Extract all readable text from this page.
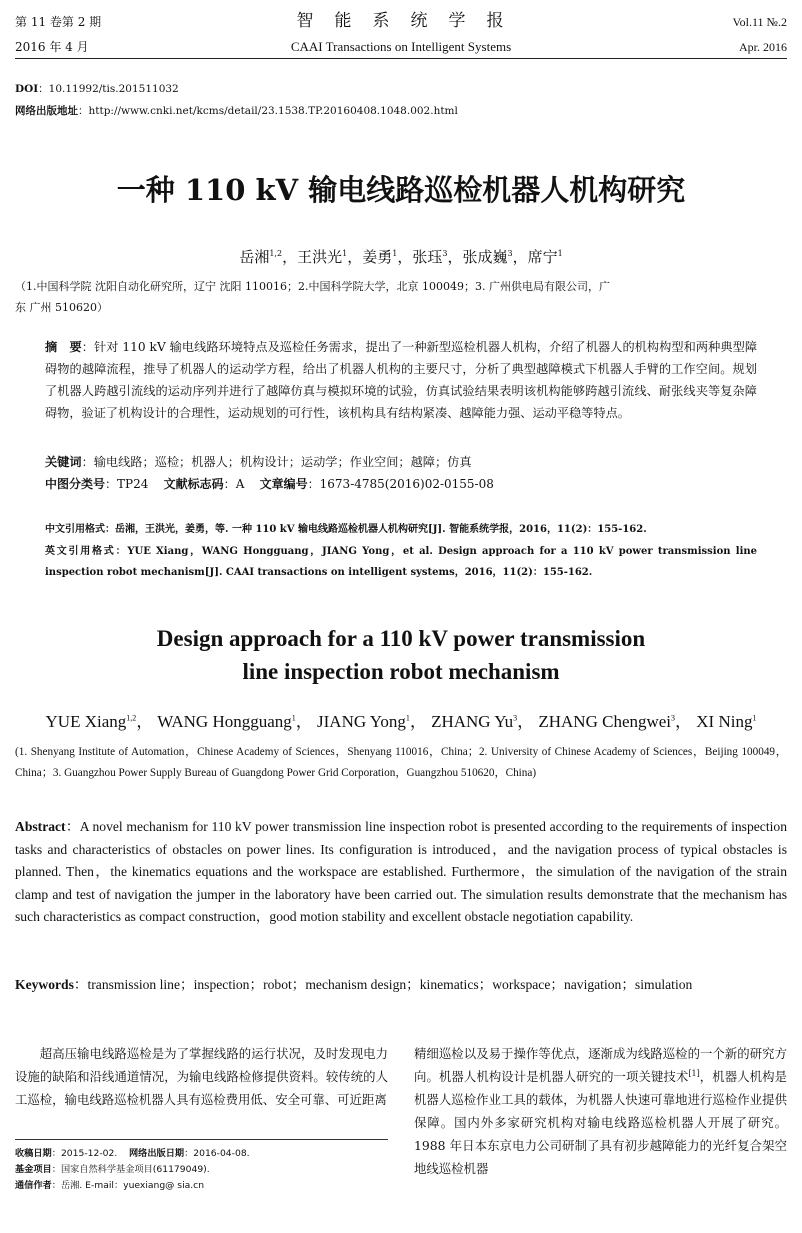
第 11 卷第 2 期	智　能　系　统　学　报	Vol.11 №.2
2016 年 4 月	CAAI Transactions on Intelligent Systems	Apr. 2016
DOI：10.11992/tis.201511032
网络出版地址：http://www.cnki.net/kcms/detail/23.1538.TP.20160408.1048.002.html
一种 110 kV 输电线路巡检机器人机构研究
岳湘$^{1,2}$，王洪光$^1$，姜勇$^1$，张珏$^3$，张成巍$^3$，席宁$^1$
（1.中国科学院 沈阳自动化研究所，辽宁 沈阳 110016；2.中国科学院大学，北京 100049；3. 广州供电局有限公司，广
东 广州 510620）
摘　要：针对 110 kV 输电线路环境特点及巡检任务需求，提出了一种新型巡检机器人机构，介绍了机器人的机构构型和两种典型障碍物的越障流程，推导了机器人的运动学方程，给出了机器人机构的主要尺寸，分析了典型越障模式下机器人手臂的工作空间。规划了机器人跨越引流线的运动序列并进行了越障仿真与模拟环境的试验，仿真试验结果表明该机构能够跨越引流线、耐张线夹等复杂障碍物，验证了机构设计的合理性，运动规划的可行性，该机构具有结构紧凑、越障能力强、运动平稳等特点。
关键词：输电线路；巡检；机器人；机构设计；运动学；作业空间；越障；仿真
中图分类号：TP24 文献标志码：A 文章编号：1673-4785(2016)02-0155-08
中文引用格式：岳湘，王洪光，姜勇，等. 一种 110 kV 输电线路巡检机器人机构研究[J]. 智能系统学报，2016，11(2)：155-162.
英文引用格式：YUE Xiang，WANG Hongguang，JIANG Yong，et al. Design approach for a 110 kV power transmission line inspection robot mechanism[J]. CAAI transactions on intelligent systems，2016，11(2)：155-162.
Design approach for a 110 kV power transmission
line inspection robot mechanism
YUE Xiang$^{1,2}$， WANG Hongguang$^1$， JIANG Yong$^1$， ZHANG Yu$^3$， ZHANG Chengwei$^3$， XI Ning$^1$
(1. Shenyang Institute of Automation，Chinese Academy of Sciences，Shenyang 110016，China；2. University of Chinese Academy of Sciences，Beijing 100049，China；3. Guangzhou Power Supply Bureau of Guangdong Power Grid Corporation，Guangzhou 510620，China)
Abstract：A novel mechanism for 110 kV power transmission line inspection robot is presented according to the requirements of inspection tasks and characteristics of obstacles on power lines. Its configuration is introduced，and the navigation process of typical obstacles is planned. Then，the kinematics equations and the workspace are established. Furthermore，the simulation of the navigation of the strain clamp and test of navigation the jumper in the laboratory have been carried out. The simulation results demonstrate that the mechanism has such characteristics as compact construction，good motion stability and excellent obstacle negotiation capability.
Keywords：transmission line；inspection；robot；mechanism design；kinematics；workspace；navigation；simulation
超高压输电线路巡检是为了掌握线路的运行状况，及时发现电力设施的缺陷和沿线通道情况，为输电线路检修提供资料。较传统的人工巡检，输电线路巡检机器人具有巡检费用低、安全可靠、可近距离
收稿日期：2015-12-02. 网络出版日期：2016-04-08.
基金项目：国家自然科学基金项目(61179049).
通信作者：岳湘. E-mail：yuexiang@ sia.cn
精细巡检以及易于操作等优点，逐渐成为线路巡检的一个新的研究方向。机器人机构设计是机器人研究的一项关键技术[1]，机器人机构是机器人巡检作业工具的载体，为机器人快速可靠地进行巡检作业提供保障。国内外多家研究机构对输电线路巡检机器人开展了研究。1988 年日本东京电力公司研制了具有初步越障能力的光纤复合架空地线巡检机器
